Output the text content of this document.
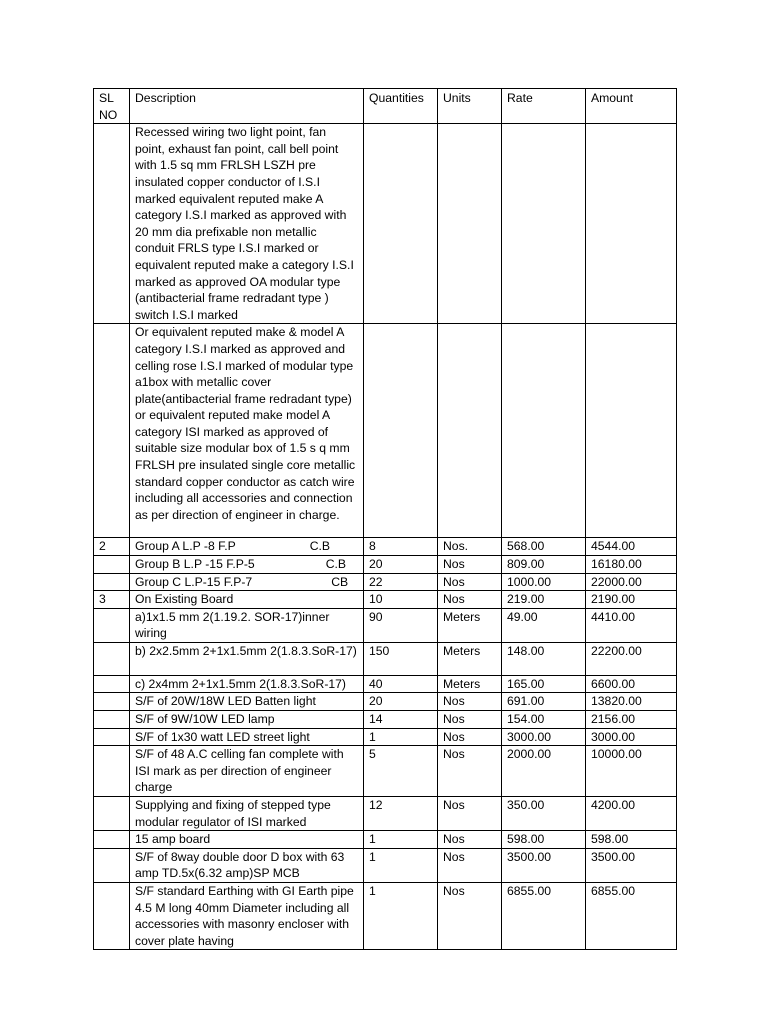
SL NO	Description	Quantities	Units	Rate	Amount
	Recessed wiring two light point, fan point, exhaust fan point, call bell point with 1.5 sq mm FRLSH LSZH pre insulated copper conductor of I.S.I marked equivalent reputed make A category I.S.I marked as approved with 20 mm dia prefixable non metallic conduit FRLS type I.S.I marked or equivalent reputed make a category I.S.I marked as approved OA modular type (antibacterial frame redradant type ) switch I.S.I marked				
	Or equivalent reputed make & model A category I.S.I marked as approved and celling rose I.S.I marked of modular type a1box with metallic cover plate(antibacterial frame redradant type) or equivalent reputed make model A category ISI marked as approved of suitable size modular box of 1.5 s q mm FRLSH pre insulated single core metallic standard copper conductor as catch wire including all accessories and connection as per direction of engineer in charge.				
2	Group A L.P -8 F.P C.B	8	Nos.	568.00	4544.00
	Group B L.P -15 F.P-5 C.B	20	Nos	809.00	16180.00
	Group C L.P-15 F.P-7 CB	22	Nos	1000.00	22000.00
3	On Existing Board	10	Nos	219.00	2190.00
	a)1x1.5 mm 2(1.19.2. SOR-17)inner wiring	90	Meters	49.00	4410.00
	b) 2x2.5mm 2+1x1.5mm 2(1.8.3.SoR-17)	150	Meters	148.00	22200.00
	c) 2x4mm 2+1x1.5mm 2(1.8.3.SoR-17)	40	Meters	165.00	6600.00
	S/F of 20W/18W LED Batten light	20	Nos	691.00	13820.00
	S/F of 9W/10W LED lamp	14	Nos	154.00	2156.00
	S/F of 1x30 watt LED street light	1	Nos	3000.00	3000.00
	S/F of 48 A.C celling fan complete with ISI mark as per direction of engineer charge	5	Nos	2000.00	10000.00
	Supplying and fixing of stepped type modular regulator of ISI marked	12	Nos	350.00	4200.00
	15 amp board	1	Nos	598.00	598.00
	S/F of 8way double door D box with 63 amp TD.5x(6.32 amp)SP MCB	1	Nos	3500.00	3500.00
	S/F standard Earthing with GI Earth pipe 4.5 M long 40mm Diameter including all accessories with masonry encloser with cover plate having	1	Nos	6855.00	6855.00
